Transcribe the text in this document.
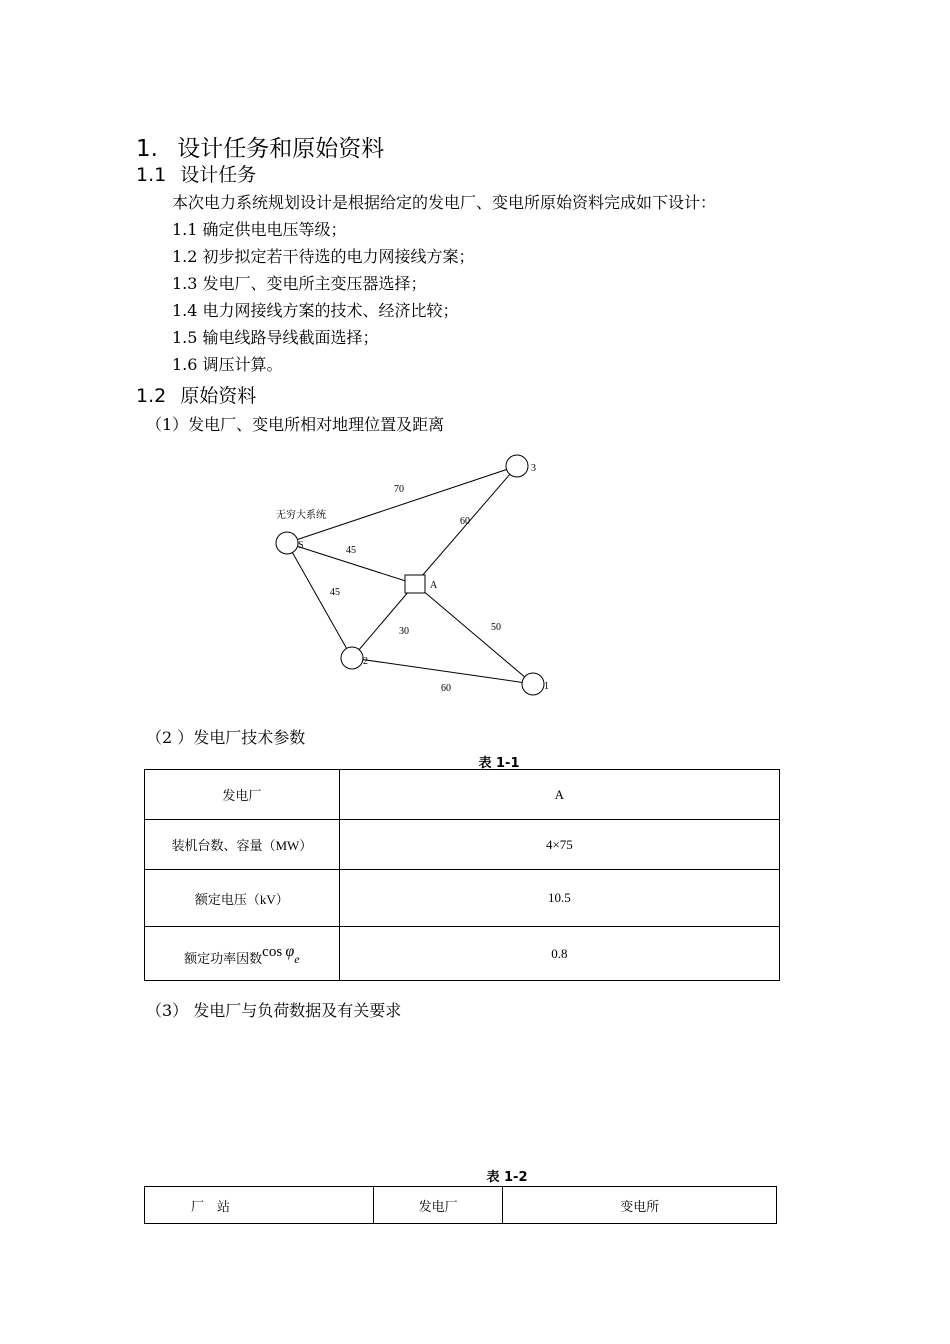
1. 设计任务和原始资料
1.1 设计任务
本次电力系统规划设计是根据给定的发电厂、变电所原始资料完成如下设计：
1.1 确定供电电压等级；
1.2 初步拟定若干待选的电力网接线方案；
1.3 发电厂、变电所主变压器选择；
1.4 电力网接线方案的技术、经济比较；
1.5 输电线路导线截面选择；
1.6 调压计算。
1.2 原始资料
（1）发电厂、变电所相对地理位置及距离
无穷大系统
S
A
3
2
1
70
60
45
45
30	50
60
（2 ）发电厂技术参数
表 1-1
发电厂	A
装机台数、容量（MW）	4×75
额定电压（kV）	10.5
额定功率因数cos φe	0.8
（3） 发电厂与负荷数据及有关要求
表 1-2
厂    站	发电厂	变电所
